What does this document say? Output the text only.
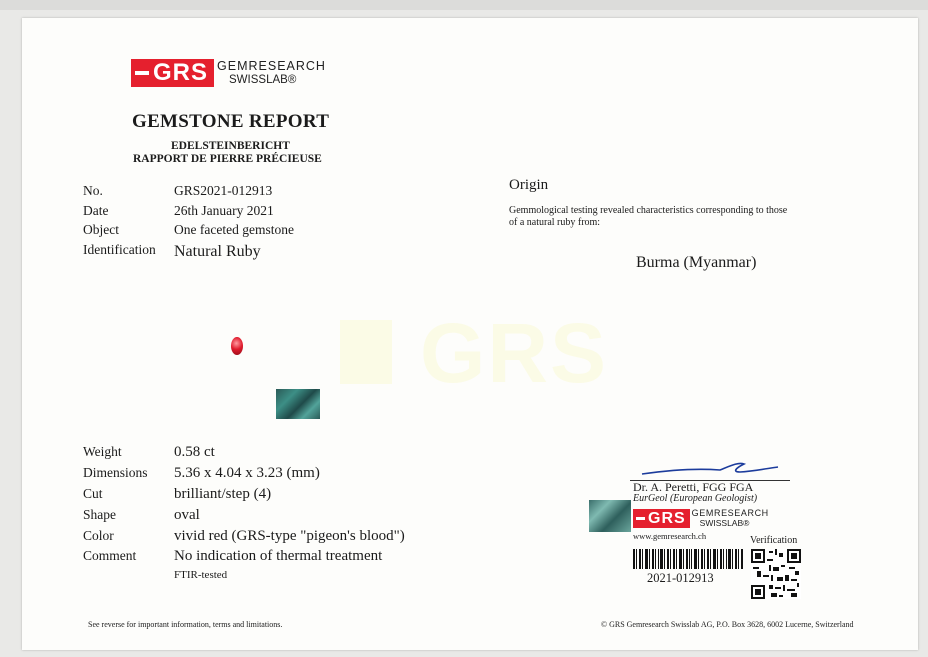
GRS
GRS GEMRESEARCH
SWISSLAB®
GEMSTONE REPORT
EDELSTEINBERICHT
RAPPORT DE PIERRE PRÉCIEUSE
No.	GRS2021-012913
Date	26th January 2021
Object	One faceted gemstone
Identification Natural Ruby
Origin
Gemmological testing revealed characteristics corresponding to those
of a natural ruby from:
Burma (Myanmar)
Weight	0.58 ct
Dimensions 5.36 x 4.04 x 3.23 (mm)
Cut	brilliant/step (4)
Shape	oval
Color	vivid red (GRS-type "pigeon's blood")
Comment	No indication of thermal treatment
FTIR-tested
Dr. A. Peretti, FGG FGA
EurGeol (European Geologist)
GRS GEMRESEARCH
SWISSLAB®
www.gemresearch.ch	Verification
2021-012913
See reverse for important information, terms and limitations.	© GRS Gemresearch Swisslab AG, P.O. Box 3628, 6002 Lucerne, Switzerland
